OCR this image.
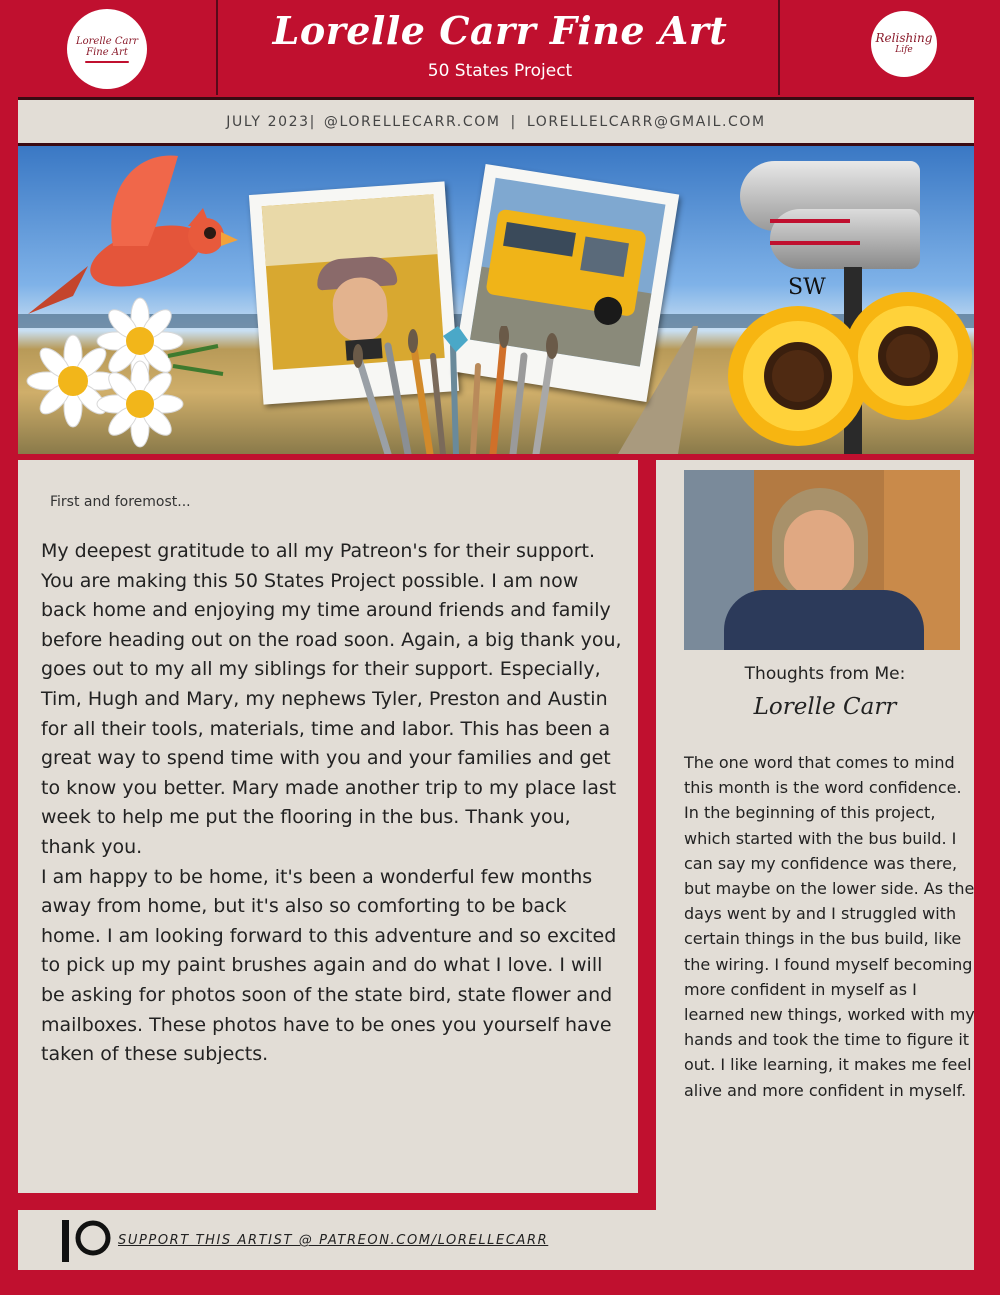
Lorelle Carr
Fine Art	Lorelle Carr Fine Art
50 States Project
Relishing
Life
JULY 2023| @LORELLECARR.COM | LORELLELCARR@GMAIL.COM
SW
First and foremost...

My deepest gratitude to all my Patreon's for their support. You are making this 50 States Project possible. I am now back home and enjoying my time around friends and family before heading out on the road soon. Again, a big thank you, goes out to my all my siblings for their support. Especially, Tim, Hugh and Mary, my nephews Tyler, Preston and Austin for all their tools, materials, time and labor. This has been a great way to spend time with you and your families and get to know you better. Mary made another trip to my place last week to help me put the flooring in the bus. Thank you, thank you.

I am happy to be home, it's been a wonderful few months away from home, but it's also so comforting to be back home. I am looking forward to this adventure and so excited to pick up my paint brushes again and do what I love. I will be asking for photos soon of the state bird, state flower and mailboxes. These photos have to be ones you yourself have taken of these subjects.

Thoughts from Me:
Lorelle Carr
The one word that comes to mind this month is the word confidence. In the beginning of this project, which started with the bus build. I can say my confidence was there, but maybe on the lower side. As the days went by and I struggled with certain things in the bus build, like the wiring. I found myself becoming more confident in myself as I learned new things, worked with my hands and took the time to figure it out. I like learning, it makes me feel alive and more confident in myself.
SUPPORT THIS ARTIST @ PATREON.COM/LORELLECARR
